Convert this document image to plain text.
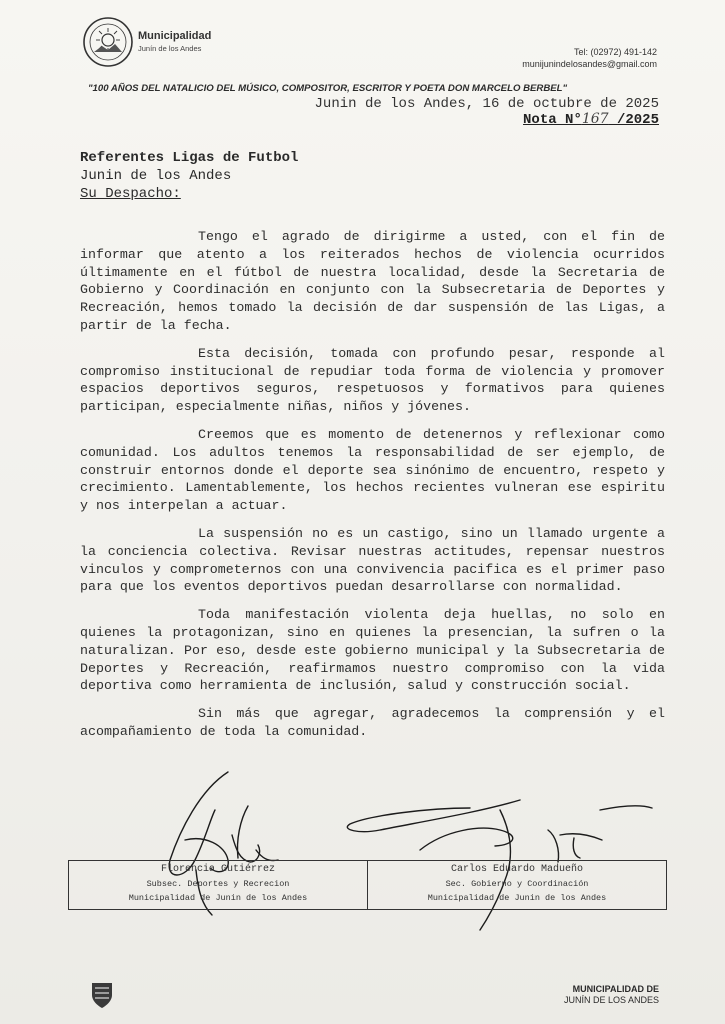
Municipalidad
Junín de los Andes	Tel: (02972) 491-142
munijunindelosandes@gmail.com
"100 AÑOS DEL NATALICIO DEL MÚSICO, COMPOSITOR, ESCRITOR Y POETA DON MARCELO BERBEL"
Junin de los Andes, 16 de octubre de 2025
Nota N°167 /2025
Referentes Ligas de Futbol
Junin de los Andes
Su Despacho:

Tengo el agrado de dirigirme a usted, con el fin de informar que atento a los reiterados hechos de violencia ocurridos últimamente en el fútbol de nuestra localidad, desde la Secretaria de Gobierno y Coordinación en conjunto con la Subsecretaria de Deportes y Recreación, hemos tomado la decisión de dar suspensión de las Ligas, a partir de la fecha.

Esta decisión, tomada con profundo pesar, responde al compromiso institucional de repudiar toda forma de violencia y promover espacios deportivos seguros, respetuosos y formativos para quienes participan, especialmente niñas, niños y jóvenes.

Creemos que es momento de detenernos y reflexionar como comunidad. Los adultos tenemos la responsabilidad de ser ejemplo, de construir entornos donde el deporte sea sinónimo de encuentro, respeto y crecimiento. Lamentablemente, los hechos recientes vulneran ese espiritu y nos interpelan a actuar.

La suspensión no es un castigo, sino un llamado urgente a la conciencia colectiva. Revisar nuestras actitudes, repensar nuestros vinculos y comprometernos con una convivencia pacifica es el primer paso para que los eventos deportivos puedan desarrollarse con normalidad.

Toda manifestación violenta deja huellas, no solo en quienes la protagonizan, sino en quienes la presencian, la sufren o la naturalizan. Por eso, desde este gobierno municipal y la Subsecretaria de Deportes y Recreación, reafirmamos nuestro compromiso con la vida deportiva como herramienta de inclusión, salud y construcción social.

Sin más que agregar, agradecemos la comprensión y el acompañamiento de toda la comunidad.

Florencia Gutiérrez
Subsec. Deportes y Recrecion
Municipalidad de Junin de los Andes
Carlos Eduardo Madueño
Sec. Gobierno y Coordinación
Municipalidad de Junin de los Andes
MUNICIPALIDAD DE
JUNÍN DE LOS ANDES
